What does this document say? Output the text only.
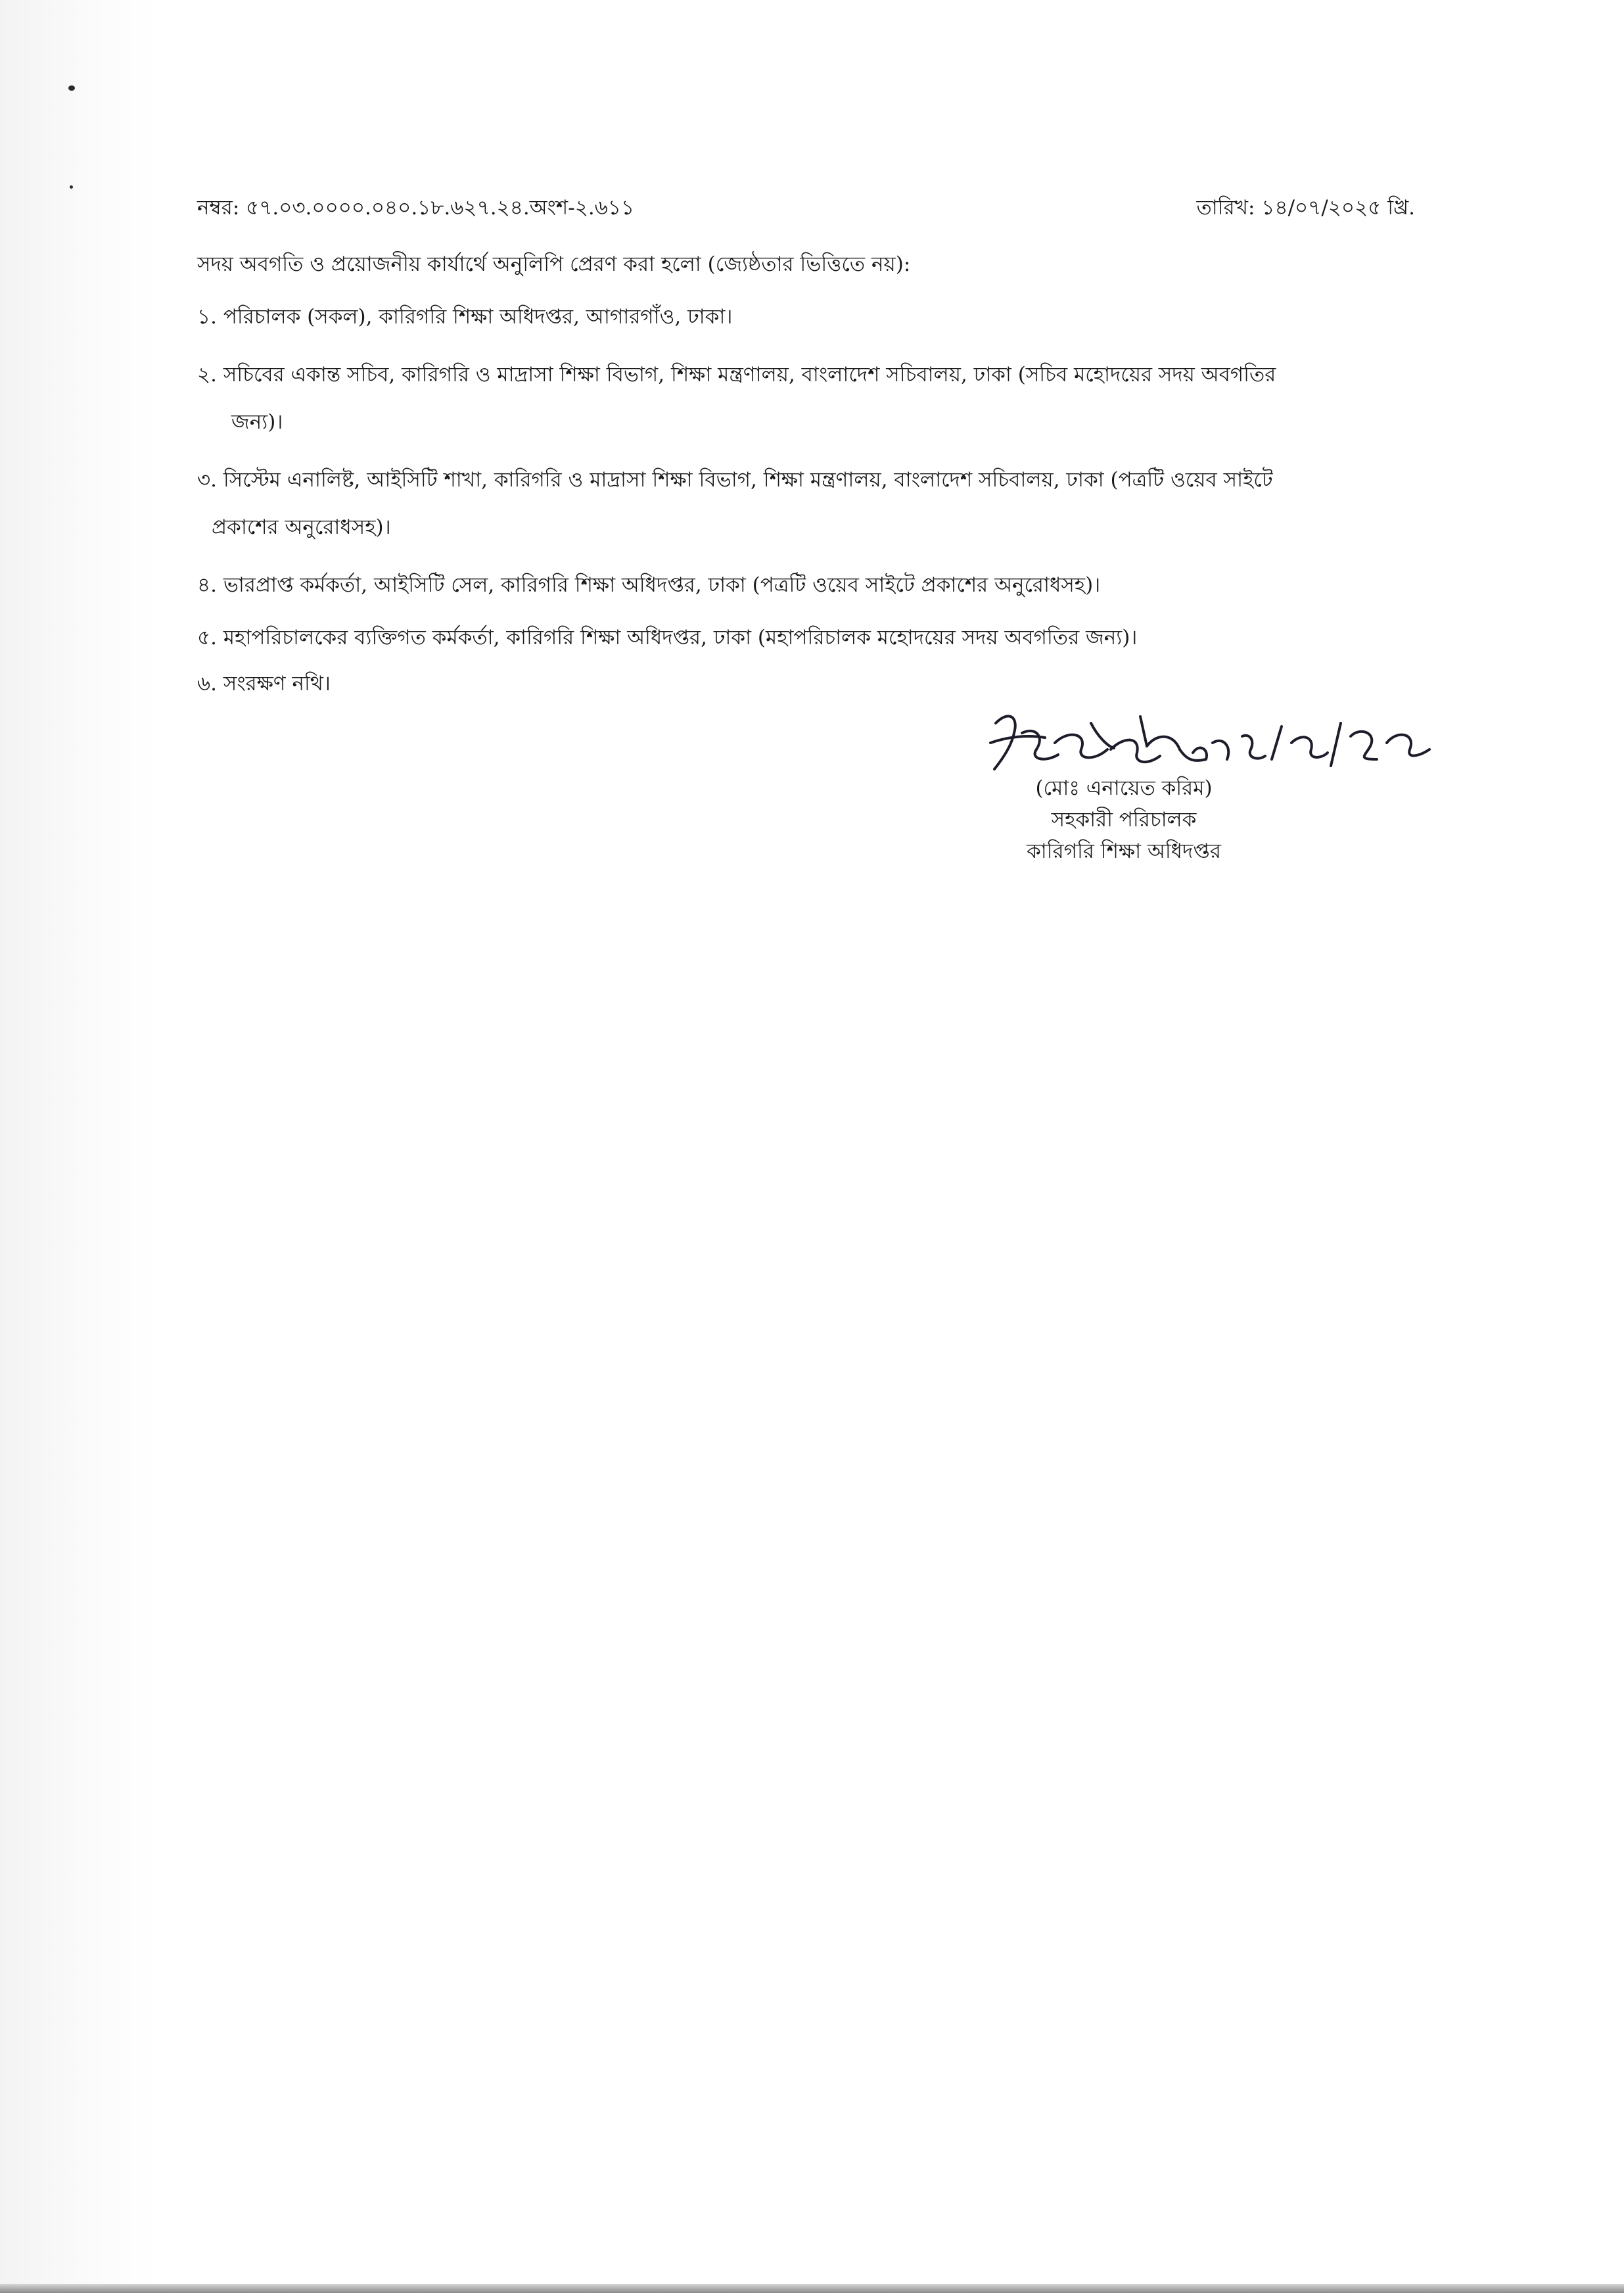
নম্বর: ৫৭.০৩.০০০০.০৪০.১৮.৬২৭.২৪.অংশ-২.৬১১	তারিখ: ১৪/০৭/২০২৫ খ্রি.
সদয় অবগতি ও প্রয়োজনীয় কার্যার্থে অনুলিপি প্রেরণ করা হলো (জ্যেষ্ঠতার ভিত্তিতে নয়):
১. পরিচালক (সকল), কারিগরি শিক্ষা অধিদপ্তর, আগারগাঁও, ঢাকা।
২. সচিবের একান্ত সচিব, কারিগরি ও মাদ্রাসা শিক্ষা বিভাগ, শিক্ষা মন্ত্রণালয়, বাংলাদেশ সচিবালয়, ঢাকা (সচিব মহোদয়ের সদয় অবগতির
জন্য)।
৩. সিস্টেম এনালিষ্ট, আইসিটি শাখা, কারিগরি ও মাদ্রাসা শিক্ষা বিভাগ, শিক্ষা মন্ত্রণালয়, বাংলাদেশ সচিবালয়, ঢাকা (পত্রটি ওয়েব সাইটে
প্রকাশের অনুরোধসহ)।
৪. ভারপ্রাপ্ত কর্মকর্তা, আইসিটি সেল, কারিগরি শিক্ষা অধিদপ্তর, ঢাকা (পত্রটি ওয়েব সাইটে প্রকাশের অনুরোধসহ)।
৫. মহাপরিচালকের ব্যক্তিগত কর্মকর্তা, কারিগরি শিক্ষা অধিদপ্তর, ঢাকা (মহাপরিচালক মহোদয়ের সদয় অবগতির জন্য)।
৬. সংরক্ষণ নথি।
(মোঃ এনায়েত করিম)
সহকারী পরিচালক
কারিগরি শিক্ষা অধিদপ্তর
